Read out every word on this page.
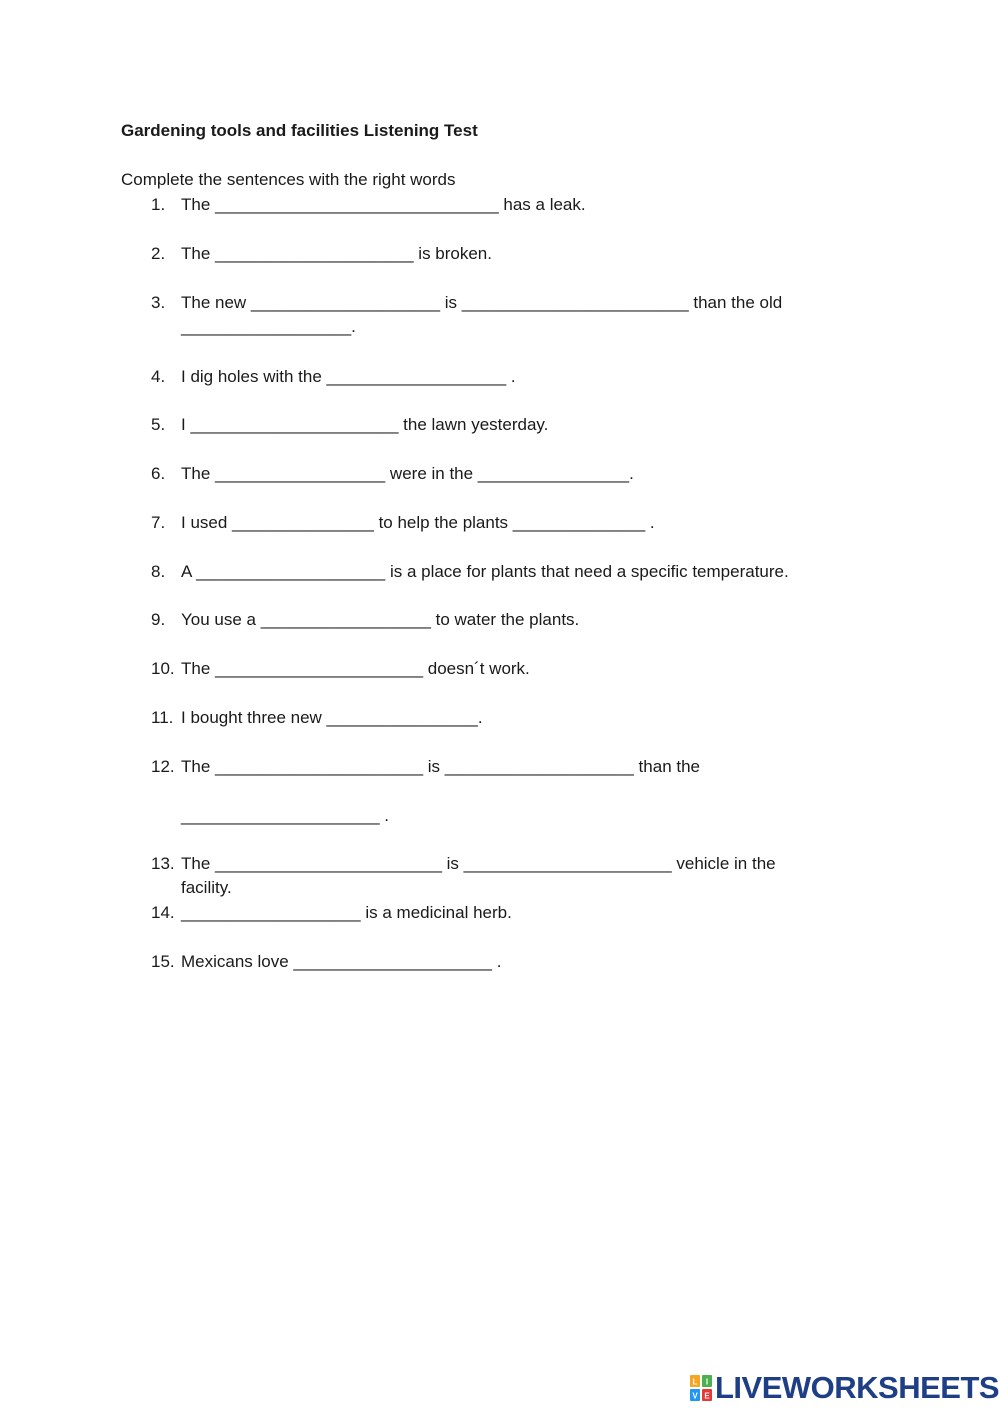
Gardening tools and facilities Listening Test

Complete the sentences with the right words

1. The ______________________________ has a leak.
2. The _____________________ is broken.
3. The new ____________________ is ________________________ than the old
__________________.
4. I dig holes with the ___________________ .
5. I ______________________ the lawn yesterday.
6. The __________________ were in the ________________.
7. I used _______________ to help the plants ______________ .
8. A ____________________ is a place for plants that need a specific temperature.
9. You use a __________________ to water the plants.
10. The ______________________ doesn´t work.
11. I bought three new ________________.
12. The ______________________ is ____________________ than the
_____________________ .
13. The ________________________ is ______________________ vehicle in the
facility.
14. ___________________ is a medicinal herb.
15. Mexicans love _____________________ .
L I
V E LIVEWORKSHEETS
